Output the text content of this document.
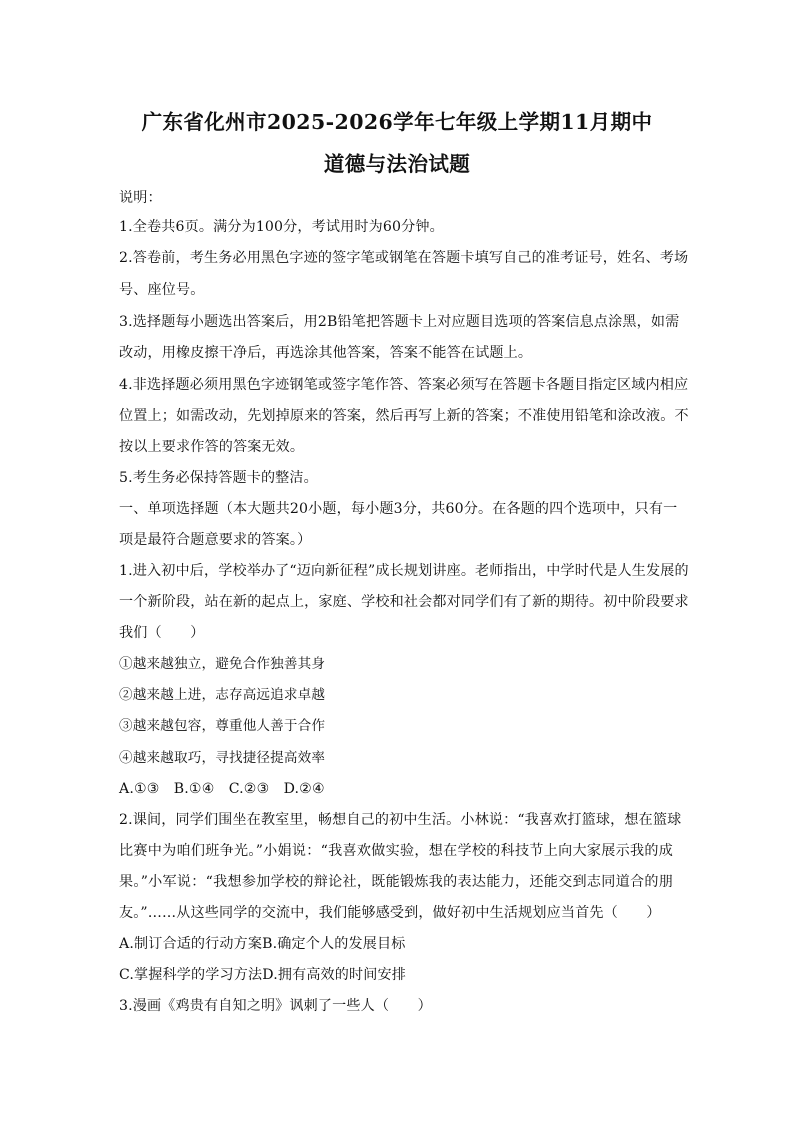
广东省化州市2025-2026学年七年级上学期11月期中
道德与法治试题
说明：
1.全卷共6页。满分为100分，考试用时为60分钟。
2.答卷前，考生务必用黑色字迹的签字笔或钢笔在答题卡填写自己的准考证号，姓名、考场
号、座位号。
3.选择题每小题选出答案后，用2B铅笔把答题卡上对应题目选项的答案信息点涂黑，如需
改动，用橡皮擦干净后，再选涂其他答案，答案不能答在试题上。
4.非选择题必须用黑色字迹钢笔或签字笔作答、答案必须写在答题卡各题目指定区域内相应
位置上；如需改动，先划掉原来的答案，然后再写上新的答案；不准使用铅笔和涂改液。不
按以上要求作答的答案无效。
5.考生务必保持答题卡的整洁。
一、单项选择题（本大题共20小题，每小题3分，共60分。在各题的四个选项中，只有一
项是最符合题意要求的答案。）
1.进入初中后，学校举办了“迈向新征程”成长规划讲座。老师指出，中学时代是人生发展的
一个新阶段，站在新的起点上，家庭、学校和社会都对同学们有了新的期待。初中阶段要求
我们（　　）
①越来越独立，避免合作独善其身
②越来越上进，志存高远追求卓越
③越来越包容，尊重他人善于合作
④越来越取巧，寻找捷径提高效率
A.①③　B.①④　C.②③　D.②④
2.课间，同学们围坐在教室里，畅想自己的初中生活。小林说：“我喜欢打篮球，想在篮球
比赛中为咱们班争光。”小娟说：“我喜欢做实验，想在学校的科技节上向大家展示我的成
果。”小军说：“我想参加学校的辩论社，既能锻炼我的表达能力，还能交到志同道合的朋
友。”……从这些同学的交流中，我们能够感受到，做好初中生活规划应当首先（　　）
A.制订合适的行动方案B.确定个人的发展目标
C.掌握科学的学习方法D.拥有高效的时间安排
3.漫画《鸡贵有自知之明》讽刺了一些人（　　）
